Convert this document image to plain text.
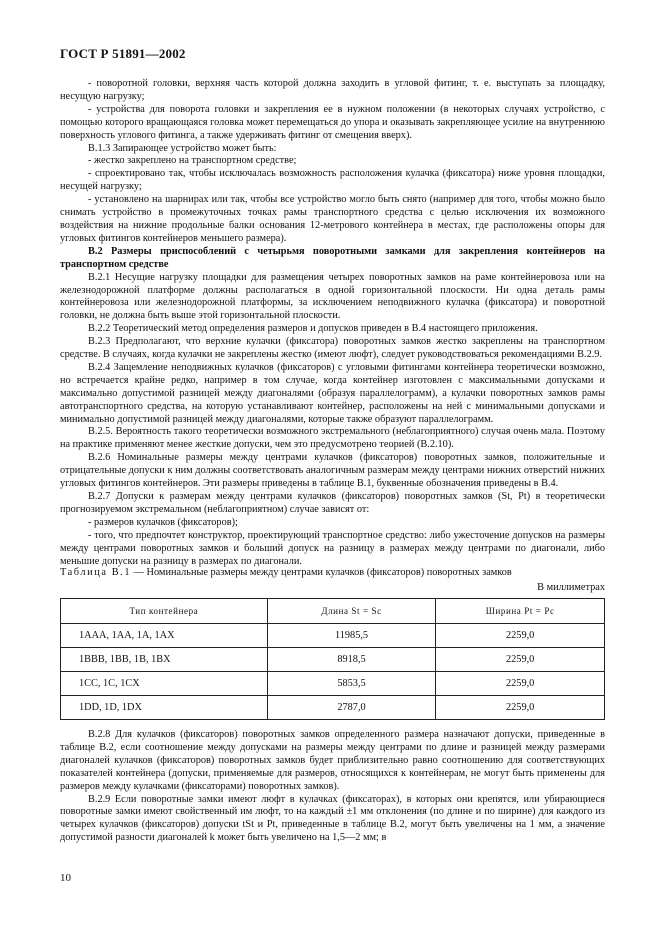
ГОСТ Р 51891—2002

- поворотной головки, верхняя часть которой должна заходить в угловой фитинг, т. е. выступать за площадку, несущую нагрузку;

- устройства для поворота головки и закрепления ее в нужном положении (в некоторых случаях устройство, с помощью которого вращающаяся головка может перемещаться до упора и оказывать закрепляющее усилие на внутреннюю поверхность углового фитинга, а также удерживать фитинг от смещения вверх).

В.1.3 Запирающее устройство может быть:

- жестко закреплено на транспортном средстве;

- спроектировано так, чтобы исключалась возможность расположения кулачка (фиксатора) ниже уровня площадки, несущей нагрузку;

- установлено на шарнирах или так, чтобы все устройство могло быть снято (например для того, чтобы можно было снимать устройство в промежуточных точках рамы транспортного средства с целью исключения их возможного воздействия на нижние продольные балки основания 12-метрового контейнера в местах, где расположены опоры для угловых фитингов контейнеров меньшего размера).

В.2 Размеры приспособлений с четырьмя поворотными замками для закрепления контейнеров на транспортном средстве

В.2.1 Несущие нагрузку площадки для размещения четырех поворотных замков на раме контейнеровоза или на железнодорожной платформе должны располагаться в одной горизонтальной плоскости. Ни одна деталь рамы контейнеровоза или железнодорожной платформы, за исключением неподвижного кулачка (фиксатора) и поворотной головки, не должна быть выше этой горизонтальной плоскости.

В.2.2 Теоретический метод определения размеров и допусков приведен в В.4 настоящего приложения.

В.2.3 Предполагают, что верхние кулачки (фиксатора) поворотных замков жестко закреплены на транспортном средстве. В случаях, когда кулачки не закреплены жестко (имеют люфт), следует руководствоваться рекомендациями В.2.9.

В.2.4 Защемление неподвижных кулачков (фиксаторов) с угловыми фитингами контейнера теоретически возможно, но встречается крайне редко, например в том случае, когда контейнер изготовлен с максимальными допусками и максимально допустимой разницей между диагоналями (образуя параллелограмм), а кулачки поворотных замков рамы автотранспортного средства, на которую устанавливают контейнер, расположены на ней с минимальными допусками и минимально допустимой разницей между диагоналями, которые также образуют параллелограмм.

В.2.5. Вероятность такого теоретически возможного экстремального (неблагоприятного) случая очень мала. Поэтому на практике применяют менее жесткие допуски, чем это предусмотрено теорией (В.2.10).

В.2.6 Номинальные размеры между центрами кулачков (фиксаторов) поворотных замков, положительные и отрицательные допуски к ним должны соответствовать аналогичным размерам между центрами нижних отверстий нижних угловых фитингов контейнеров. Эти размеры приведены в таблице В.1, буквенные обозначения приведены в В.4.

В.2.7 Допуски к размерам между центрами кулачков (фиксаторов) поворотных замков (St, Pt) в теоретически прогнозируемом экстремальном (неблагоприятном) случае зависят от:

- размеров кулачков (фиксаторов);

- того, что предпочтет конструктор, проектирующий транспортное средство: либо ужесточение допусков на размеры между центрами поворотных замков и больший допуск на разницу в размерах между центрами по диагонали, либо меньшие допуски на разницу в размерах по диагонали.

Таблица В.1 — Номинальные размеры между центрами кулачков (фиксаторов) поворотных замков
В миллиметрах
Тип контейнера	Длина St = Sc	Ширина Pt = Pc
1AAA, 1AA, 1A, 1AX	11985,5	2259,0
1BBB, 1BB, 1B, 1BX	8918,5	2259,0
1CC, 1C, 1CX	5853,5	2259,0
1DD, 1D, 1DX	2787,0	2259,0

В.2.8 Для кулачков (фиксаторов) поворотных замков определенного размера назначают допуски, приведенные в таблице В.2, если соотношение между допусками на размеры между центрами по длине и разницей между размерами диагоналей кулачков (фиксаторов) поворотных замков будет приблизительно равно соотношению для соответствующих показателей контейнера (допуски, применяемые для размеров, относящихся к контейнерам, не могут быть применены для размеров между кулачками (фиксаторами) поворотных замков).

В.2.9 Если поворотные замки имеют люфт в кулачках (фиксаторах), в которых они крепятся, или убирающиеся поворотные замки имеют свойственный им люфт, то на каждый ±1 мм отклонения (по длине и по ширине) для каждого из четырех кулачков (фиксаторов) допуски tSt и Pt, приведенные в таблице В.2, могут быть увеличены на 1 мм, а значение допустимой разности диагоналей k может быть увеличено на 1,5—2 мм; в

10
